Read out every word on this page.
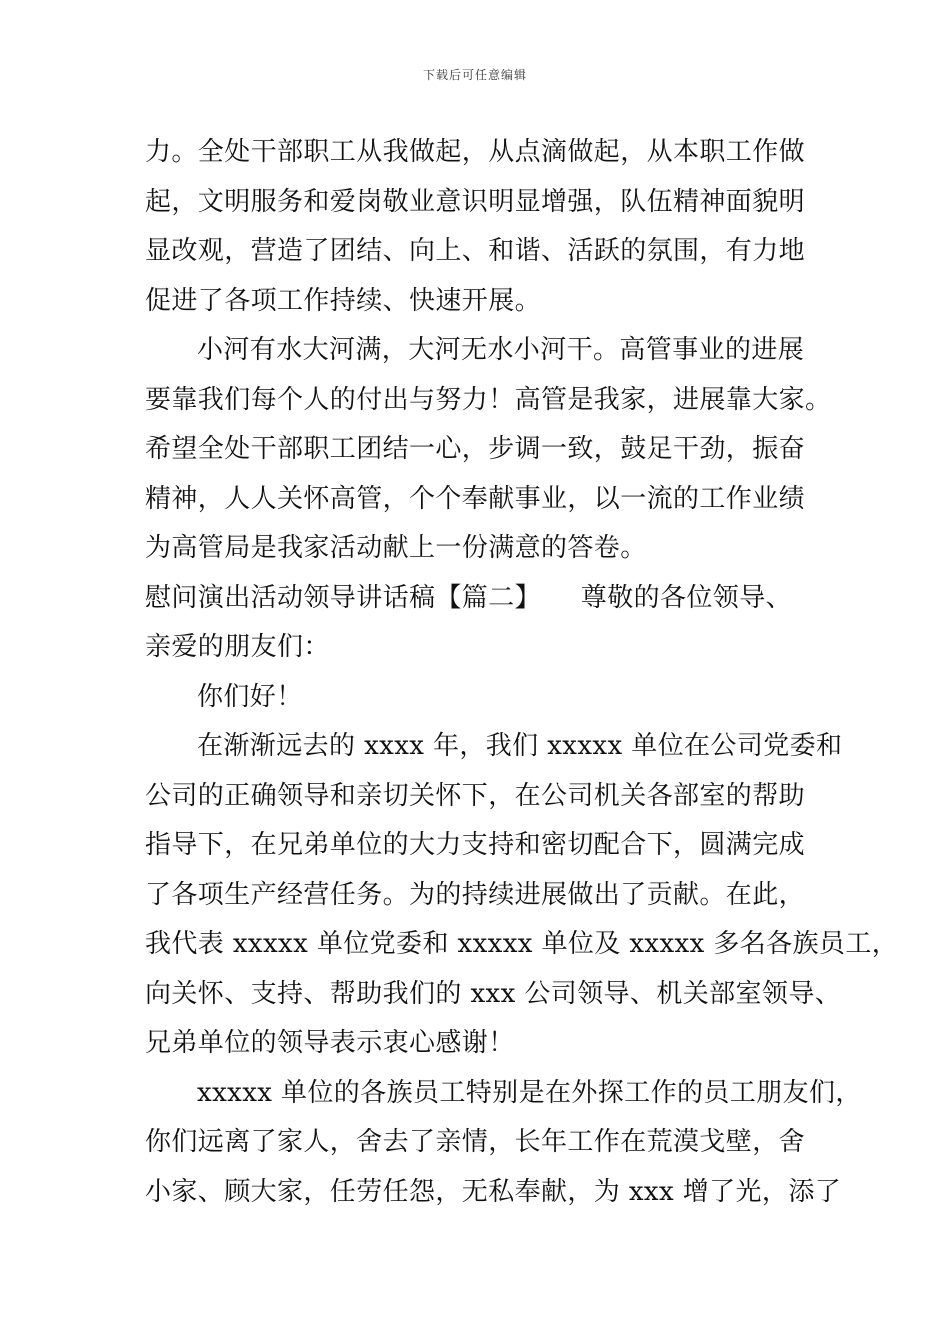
下载后可任意编辑
力。全处干部职工从我做起，从点滴做起，从本职工作做
起，文明服务和爱岗敬业意识明显增强，队伍精神面貌明
显改观，营造了团结、向上、和谐、活跃的氛围，有力地
促进了各项工作持续、快速开展。
小河有水大河满，大河无水小河干。高管事业的进展
要靠我们每个人的付出与努力！高管是我家，进展靠大家。
希望全处干部职工团结一心，步调一致，鼓足干劲，振奋
精神，人人关怀高管，个个奉献事业，以一流的工作业绩
为高管局是我家活动献上一份满意的答卷。
慰问演出活动领导讲话稿【篇二】　　尊敬的各位领导、
亲爱的朋友们：
你们好！
在渐渐远去的 xxxx 年，我们 xxxxx 单位在公司党委和
公司的正确领导和亲切关怀下，在公司机关各部室的帮助
指导下，在兄弟单位的大力支持和密切配合下，圆满完成
了各项生产经营任务。为的持续进展做出了贡献。在此，
我代表 xxxxx 单位党委和 xxxxx 单位及 xxxxx 多名各族员工，
向关怀、支持、帮助我们的 xxx 公司领导、机关部室领导、
兄弟单位的领导表示衷心感谢！
xxxxx 单位的各族员工特别是在外探工作的员工朋友们，
你们远离了家人，舍去了亲情，长年工作在荒漠戈壁，舍
小家、顾大家，任劳任怨，无私奉献，为 xxx 增了光，添了
